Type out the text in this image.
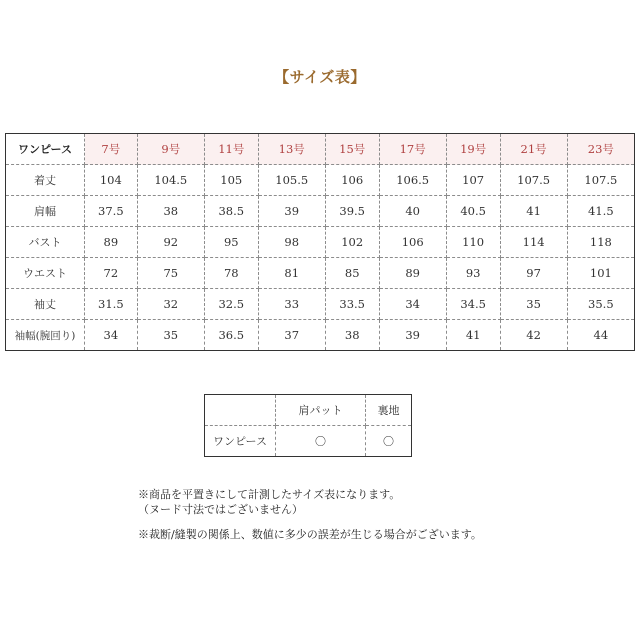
【サイズ表】
ワンピース	7号	9号	11号	13号	15号	17号	19号	21号	23号
着丈	104	104.5	105	105.5	106	106.5	107	107.5	107.5
肩幅	37.5	38	38.5	39	39.5	40	40.5	41	41.5
バスト	89	92	95	98	102	106	110	114	118
ウエスト	72	75	78	81	85	89	93	97	101
袖丈	31.5	32	32.5	33	33.5	34	34.5	35	35.5
袖幅(腕回り)	34	35	36.5	37	38	39	41	42	44
	肩パット	裏地
ワンピース	〇	〇
※商品を平置きにして計測したサイズ表になります。
（ヌード寸法ではございません）
※裁断/縫製の関係上、数値に多少の誤差が生じる場合がございます。
